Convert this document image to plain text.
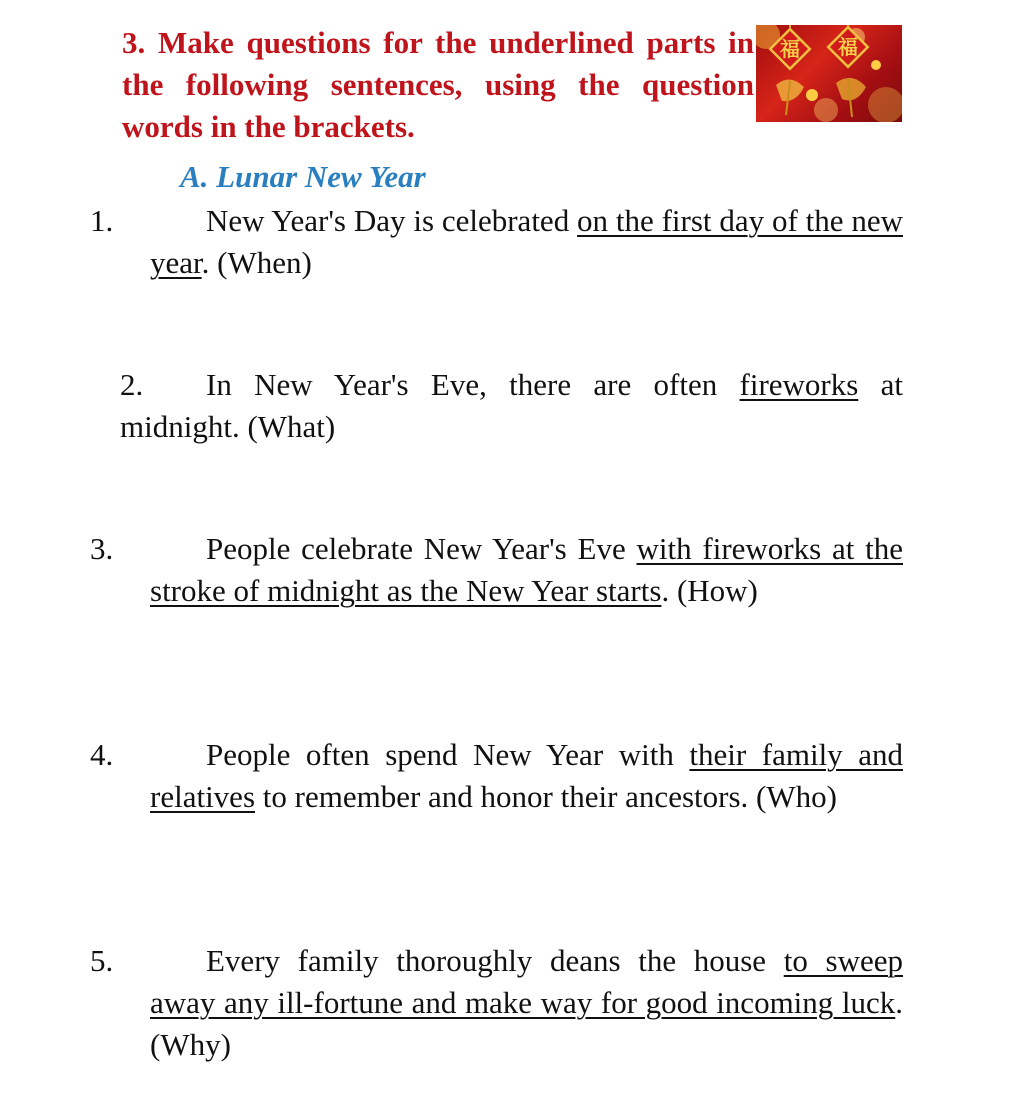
3. Make questions for the underlined parts in the following sentences, using the question words in the brackets.
福 福
A. Lunar New Year
1.	New Year's Day is celebrated on the first day of the new year. (When)
2. In New Year's Eve, there are often fireworks at midnight. (What)
3.	People celebrate New Year's Eve with fireworks at the stroke of midnight as the New Year starts. (How)
4.	People often spend New Year with their family and relatives to remember and honor their ancestors. (Who)
5.	Every family thoroughly deans the house to sweep away any ill-fortune and make way for good incoming luck. (Why)
